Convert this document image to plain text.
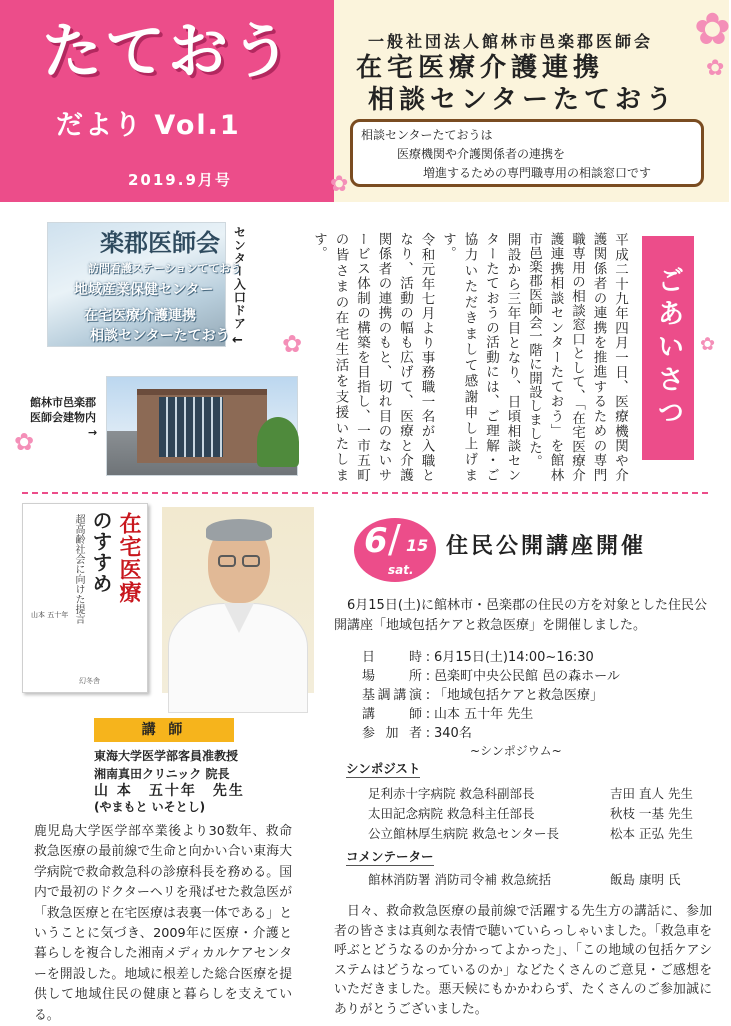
たておう
だより Vol.1
2019.9月号
一般社団法人館林市邑楽郡医師会
在宅医療介護連携
相談センターたておう
相談センターたておうは
医療機関や介護関係者の連携を
増進するための専門職専用の相談窓口です
✿
✿
✿
✿
✿
✿
楽郡医師会
訪問看護ステーションてておう
地域産業保健センター
在宅医療介護連携
相談センターたておう
センター入口ドア
←
館林市邑楽郡
医師会建物内
→
ごあいさつ

平成二十九年四月一日、医療機関や介護関係者の連携を推進するための専門職専用の相談窓口として、「在宅医療介護連携相談センターたておう」を館林市邑楽郡医師会一階に開設しました。

開設から三年目となり、日頃相談センターたておうの活動には、ご理解・ご協力いただきまして感謝申し上げます。

令和元年七月より事務職一名が入職となり、活動の幅も広げて、医療と介護関係者の連携のもと、切れ目のないサービス体制の構築を目指し、一市五町の皆さまの在宅生活を支援いたします。

在宅医療
のすすめ
超高齢社会に向けた提言
山本 五十年
幻冬舎
講 師
東海大学医学部客員准教授
湘南真田クリニック 院長
山 本　五十年　先生
(やまもと いそとし)
鹿児島大学医学部卒業後より30数年、救命救急医療の最前線で生命と向かい合い東海大学病院で救命救急科の診療科長を務める。国内で最初のドクターヘリを飛ばせた救急医が「救急医療と在宅医療は表裏一体である」ということに気づき、2009年に医療・介護と暮らしを複合した湘南メディカルケアセンターを開設した。地域に根差した総合医療を提供して地域住民の健康と暮らしを支えている。
6 / 15
sat.
住民公開講座開催
6月15日(土)に館林市・邑楽郡の住民の方を対象とした住民公開講座「地域包括ケアと救急医療」を開催しました。
日時 : 6月15日(土)14:00~16:30
場所 : 邑楽町中央公民館 邑の森ホール
基調講演 : 「地域包括ケアと救急医療」
講師 : 山本 五十年 先生
参加者 : 340名
~シンポジウム~
シンポジスト
足利赤十字病院 救急科副部長	吉田 直人 先生
太田記念病院 救急科主任部長	秋枝 一基 先生
公立館林厚生病院 救急センター長	松本 正弘 先生
コメンテーター
館林消防署 消防司令補 救急統括	飯島 康明 氏
日々、救命救急医療の最前線で活躍する先生方の講話に、参加者の皆さまは真剣な表情で聴いていらっしゃいました。「救急車を呼ぶとどうなるのか分かってよかった」、「この地域の包括ケアシステムはどうなっているのか」などたくさんのご意見・ご感想をいただきました。悪天候にもかかわらず、たくさんのご参加誠にありがとうございました。
